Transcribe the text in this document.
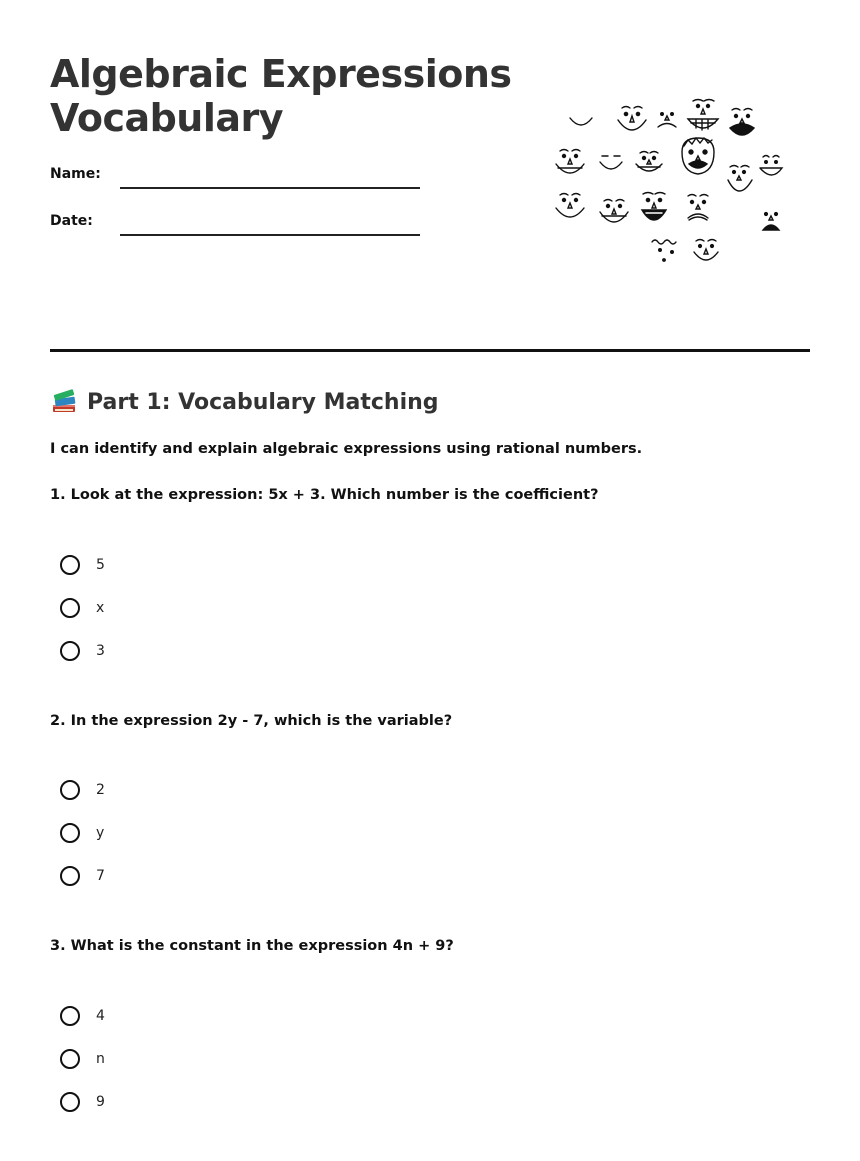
Algebraic Expressions
Vocabulary
Name:
Date:
Part 1: Vocabulary Matching
I can identify and explain algebraic expressions using rational numbers.
1. Look at the expression: 5x + 3. Which number is the coefficient?
5
x
3
2. In the expression 2y - 7, which is the variable?
2
y
7
3. What is the constant in the expression 4n + 9?
4
n
9
